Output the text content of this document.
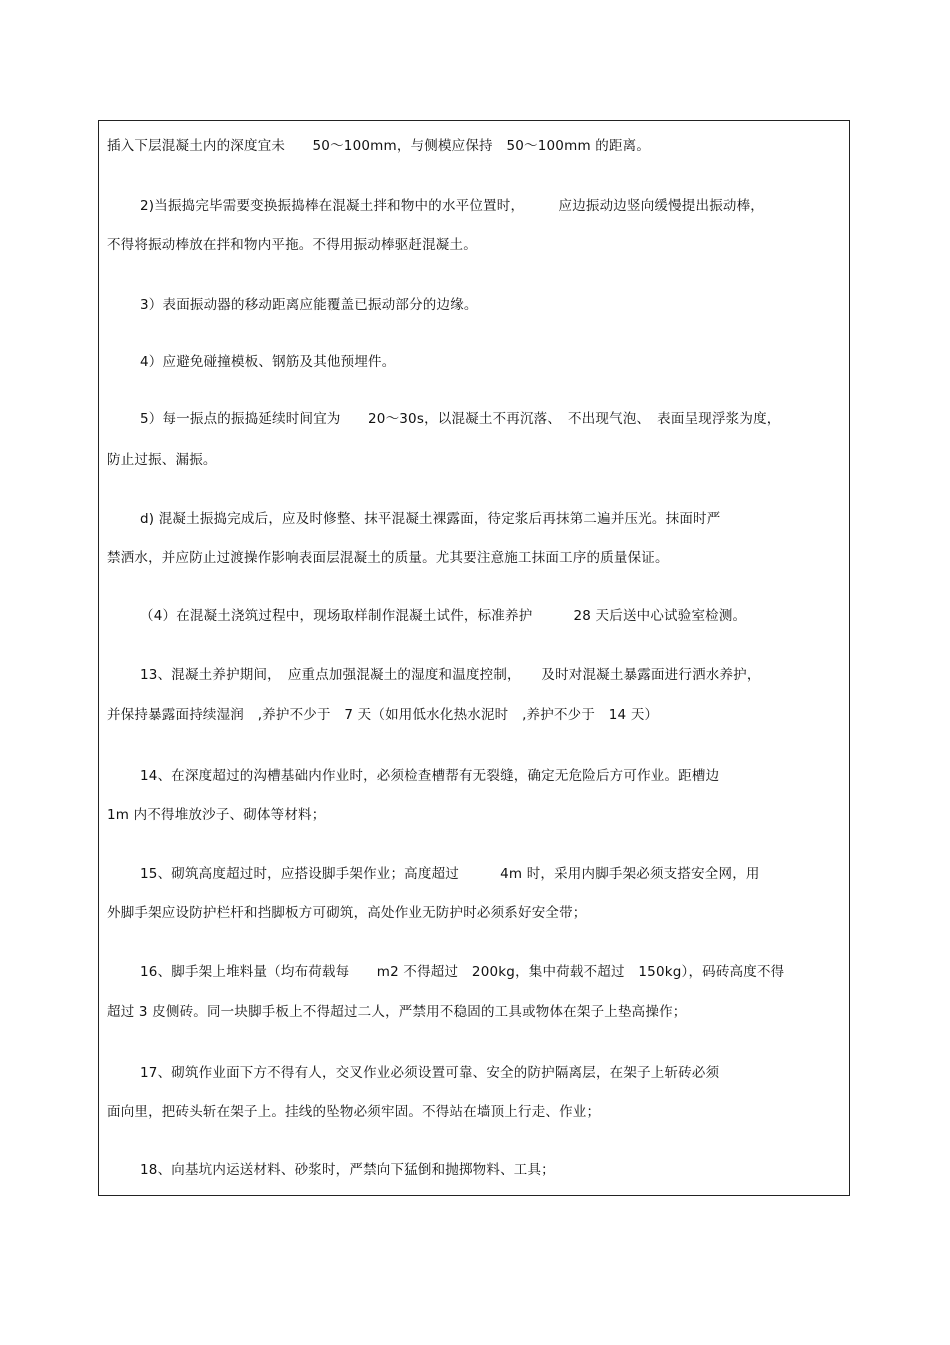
插入下层混凝土内的深度宜未　　50～100mm，与侧模应保持　50～100mm 的距离。
2)当振捣完毕需要变换振捣棒在混凝土拌和物中的水平位置时，　　　应边振动边竖向缓慢提出振动棒，
不得将振动棒放在拌和物内平拖。不得用振动棒驱赶混凝土。
3）表面振动器的移动距离应能覆盖已振动部分的边缘。
4）应避免碰撞模板、钢筋及其他预埋件。
5）每一振点的振捣延续时间宜为　　20～30s，以混凝土不再沉落、　不出现气泡、　表面呈现浮浆为度，
防止过振、漏振。
d) 混凝土振捣完成后，应及时修整、抹平混凝土裸露面，待定浆后再抹第二遍并压光。抹面时严
禁洒水，并应防止过渡操作影响表面层混凝土的质量。尤其要注意施工抹面工序的质量保证。
（4）在混凝土浇筑过程中，现场取样制作混凝土试件，标准养护　　　28 天后送中心试验室检测。
13、混凝土养护期间，　应重点加强混凝土的湿度和温度控制，　　及时对混凝土暴露面进行洒水养护，
并保持暴露面持续湿润　,养护不少于　7 天（如用低水化热水泥时　,养护不少于　14 天）
14、在深度超过的沟槽基础内作业时，必须检查槽帮有无裂缝，确定无危险后方可作业。距槽边
1m 内不得堆放沙子、砌体等材料；
15、砌筑高度超过时，应搭设脚手架作业；高度超过　　　4m 时，采用内脚手架必须支搭安全网，用
外脚手架应设防护栏杆和挡脚板方可砌筑，高处作业无防护时必须系好安全带；
16、脚手架上堆料量（均布荷载每　　m2 不得超过　200kg，集中荷载不超过　150kg），码砖高度不得
超过 3 皮侧砖。同一块脚手板上不得超过二人，严禁用不稳固的工具或物体在架子上垫高操作；
17、砌筑作业面下方不得有人，交叉作业必须设置可靠、安全的防护隔离层，在架子上斩砖必须
面向里，把砖头斩在架子上。挂线的坠物必须牢固。不得站在墙顶上行走、作业；
18、向基坑内运送材料、砂浆时，严禁向下猛倒和抛掷物料、工具；
